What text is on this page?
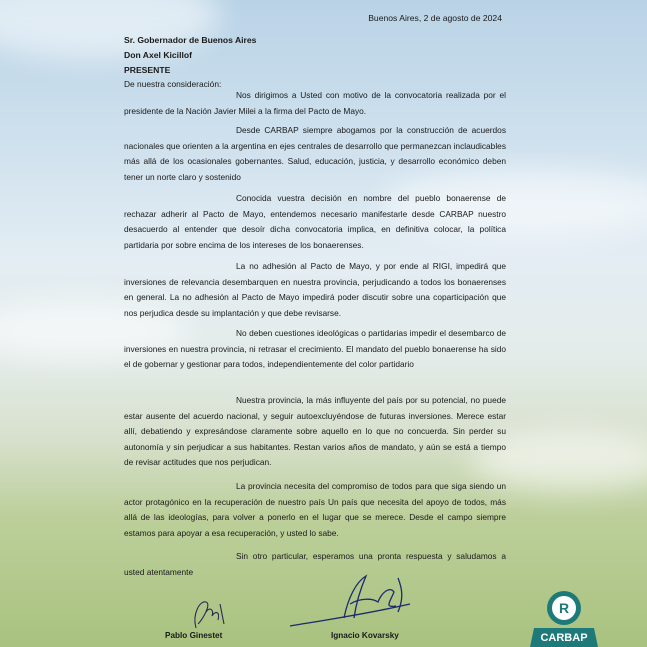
Buenos Aires, 2 de agosto de 2024
Sr. Gobernador de Buenos Aires
Don Axel Kicillof
PRESENTE
De nuestra consideración:

Nos dirigimos a Usted con motivo de la convocatoria realizada por el presidente de la Nación Javier Milei a la firma del Pacto de Mayo.

Desde CARBAP siempre abogamos por la construcción de acuerdos nacionales que orienten a la argentina en ejes centrales de desarrollo que permanezcan inclaudicables más allá de los ocasionales gobernantes. Salud, educación, justicia, y desarrollo económico deben tener un norte claro y sostenido

Conocida vuestra decisión en nombre del pueblo bonaerense de rechazar adherir al Pacto de Mayo, entendemos necesario manifestarle desde CARBAP nuestro desacuerdo al entender que desoír dicha convocatoria implica, en definitiva colocar, la política partidaria por sobre encima de los intereses de los bonaerenses.

La no adhesión al Pacto de Mayo, y por ende al RIGI, impedirá que inversiones de relevancia desembarquen en nuestra provincia, perjudicando a todos los bonaerenses en general. La no adhesión al Pacto de Mayo impedirá poder discutir sobre una coparticipación que nos perjudica desde su implantación y que debe revisarse.

No deben cuestiones ideológicas o partidarias impedir el desembarco de inversiones en nuestra provincia, ni retrasar el crecimiento. El mandato del pueblo bonaerense ha sido el de gobernar y gestionar para todos, independientemente del color partidario

Nuestra provincia, la más influyente del país por su potencial, no puede estar ausente del acuerdo nacional, y seguir autoexcluyéndose de futuras inversiones. Merece estar allí, debatiendo y expresándose claramente sobre aquello en lo que no concuerda. Sin perder su autonomía y sin perjudicar a sus habitantes. Restan varios años de mandato, y aún se está a tiempo de revisar actitudes que nos perjudican.

La provincia necesita del compromiso de todos para que siga siendo un actor protagónico en la recuperación de nuestro país Un país que necesita del apoyo de todos, más allá de las ideologías, para volver a ponerlo en el lugar que se merece. Desde el campo siempre estamos para apoyar a esa recuperación, y usted lo sabe.

Sin otro particular, esperamos una pronta respuesta y saludamos a usted atentamente

Pablo Ginestet	Ignacio Kovarsky
R
CARBAP
